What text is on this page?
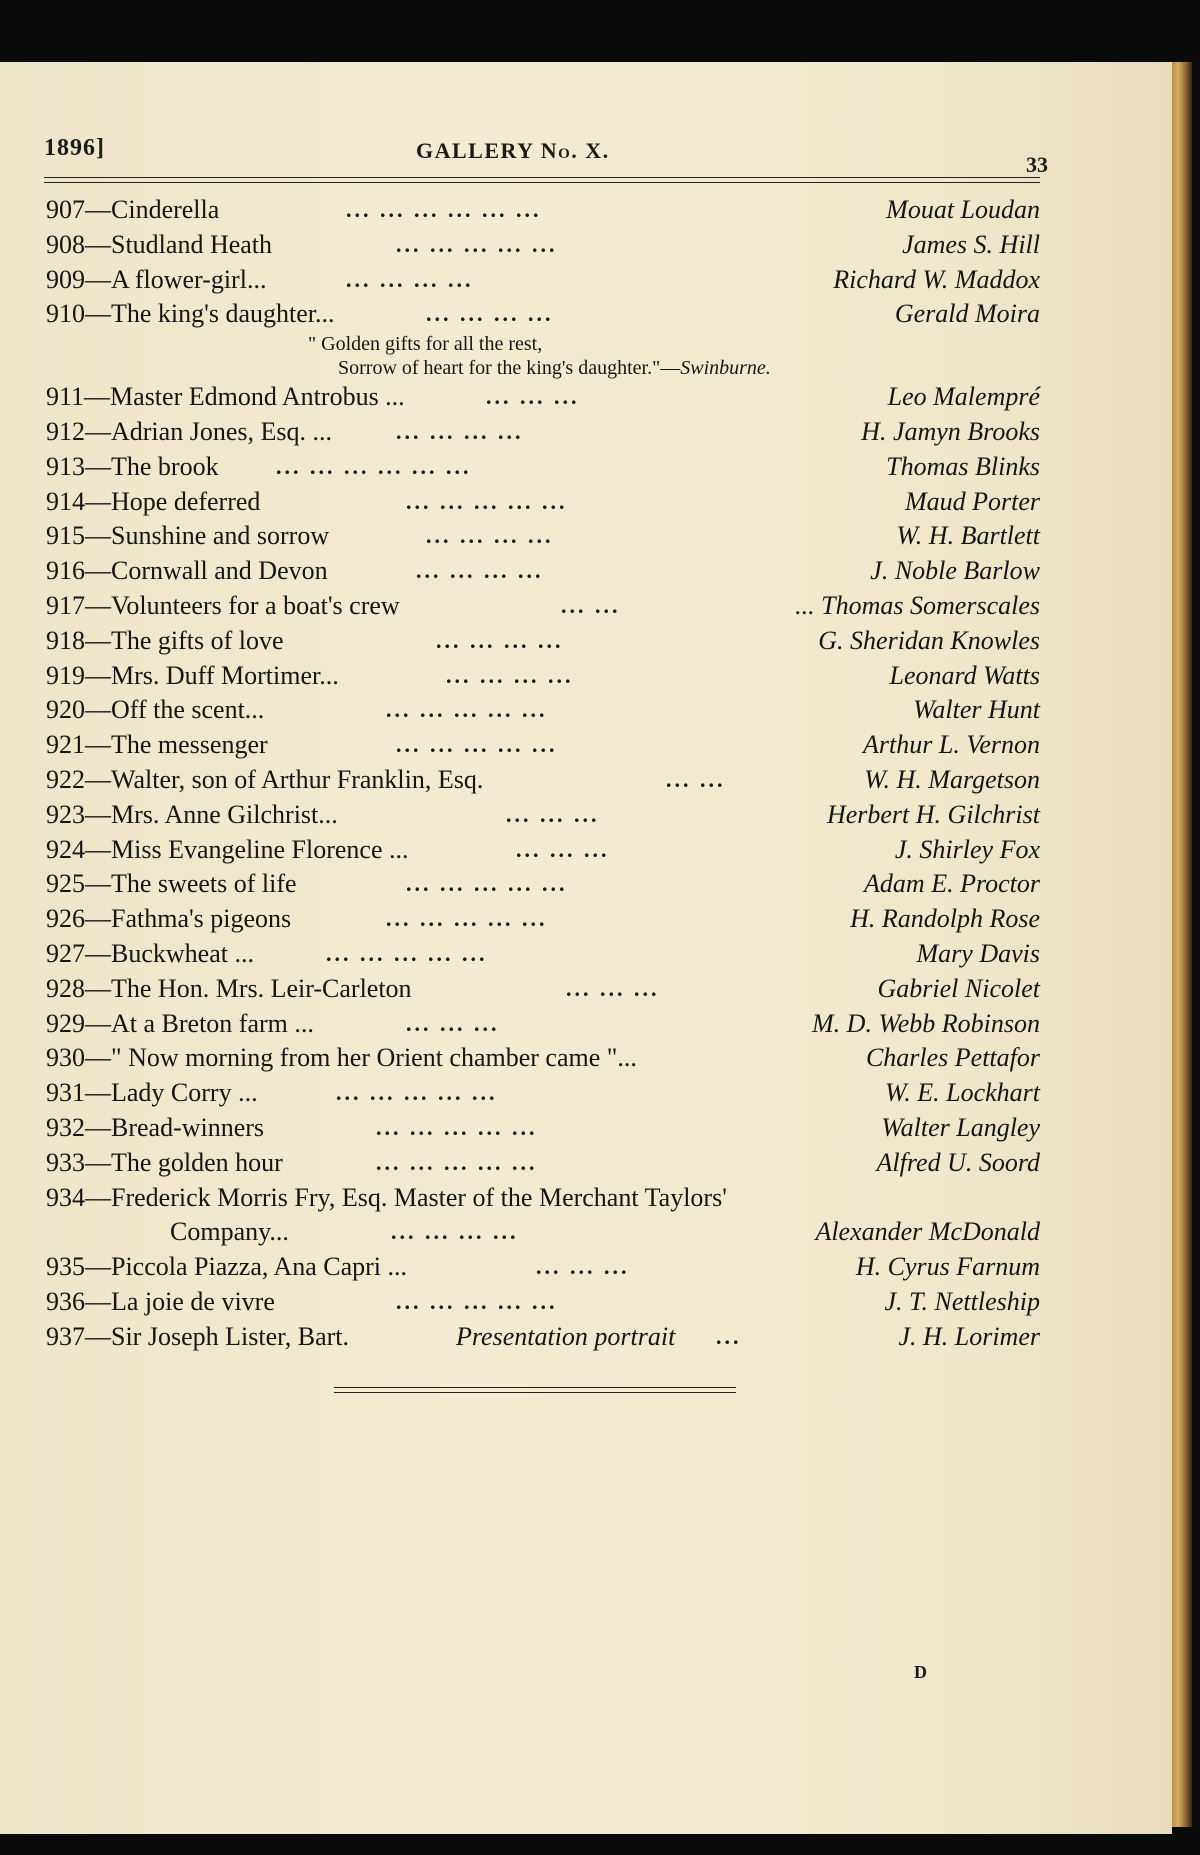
1896]	GALLERY No. X.
33
907—Cinderella	... ... ... ... ... ...	Mouat Loudan
908—Studland Heath	... ... ... ... ...	James S. Hill
909—A flower-girl...	... ... ... ...	Richard W. Maddox
910—The king's daughter...	... ... ... ...	Gerald Moira
" Golden gifts for all the rest,
Sorrow of heart for the king's daughter."—Swinburne.
911—Master Edmond Antrobus ...	... ... ...	Leo Malempré
912—Adrian Jones, Esq. ...	... ... ... ...	H. Jamyn Brooks
913—The brook	... ... ... ... ... ...	Thomas Blinks
914—Hope deferred	... ... ... ... ...	Maud Porter
915—Sunshine and sorrow	... ... ... ...	W. H. Bartlett
916—Cornwall and Devon	... ... ... ...	J. Noble Barlow
917—Volunteers for a boat's crew	... ...	... Thomas Somerscales
918—The gifts of love	... ... ... ...	G. Sheridan Knowles
919—Mrs. Duff Mortimer...	... ... ... ...	Leonard Watts
920—Off the scent...	... ... ... ... ...	Walter Hunt
921—The messenger	... ... ... ... ...	Arthur L. Vernon
922—Walter, son of Arthur Franklin, Esq.	... ...	W. H. Margetson
923—Mrs. Anne Gilchrist...	... ... ...	Herbert H. Gilchrist
924—Miss Evangeline Florence ...	... ... ...	J. Shirley Fox
925—The sweets of life	... ... ... ... ...	Adam E. Proctor
926—Fathma's pigeons	... ... ... ... ...	H. Randolph Rose
927—Buckwheat ...	... ... ... ... ...	Mary Davis
928—The Hon. Mrs. Leir-Carleton	... ... ...	Gabriel Nicolet
929—At a Breton farm ...	... ... ...	M. D. Webb Robinson
930—" Now morning from her Orient chamber came "...	Charles Pettafor
931—Lady Corry ...	... ... ... ... ...	W. E. Lockhart
932—Bread-winners	... ... ... ... ...	Walter Langley
933—The golden hour	... ... ... ... ...	Alfred U. Soord
934—Frederick Morris Fry, Esq. Master of the Merchant Taylors'
Company...	... ... ... ...	Alexander McDonald
935—Piccola Piazza, Ana Capri ...	... ... ...	H. Cyrus Farnum
936—La joie de vivre	... ... ... ... ...	J. T. Nettleship
937—Sir Joseph Lister, Bart.	Presentation portrait ...	J. H. Lorimer
D
